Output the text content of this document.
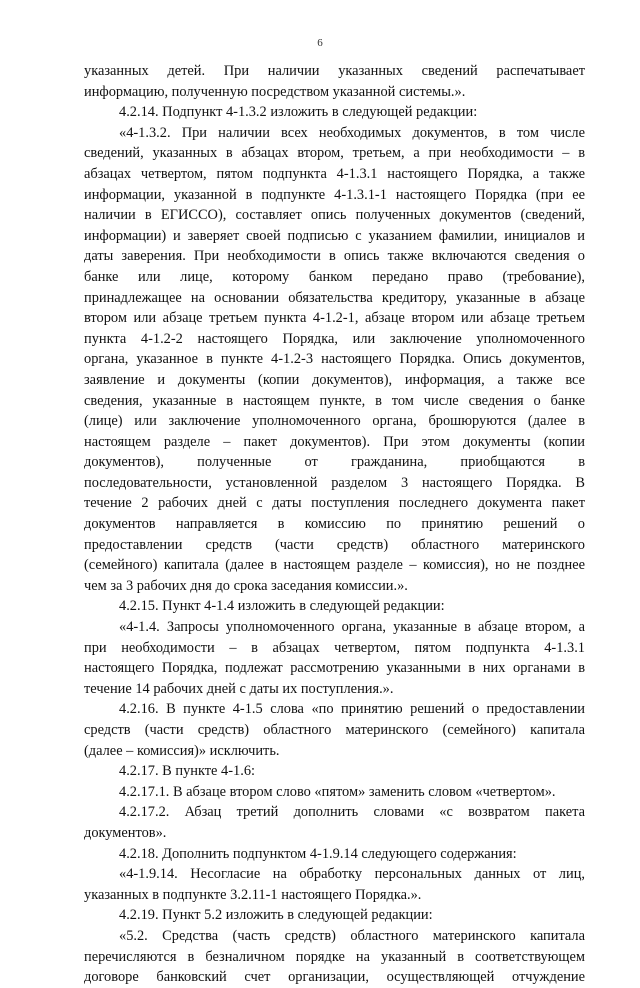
6
указанных детей. При наличии указанных сведений распечатывает
информацию, полученную посредством указанной системы.».
4.2.14. Подпункт 4-1.3.2 изложить в следующей редакции:
«4-1.3.2. При наличии всех необходимых документов, в том числе
сведений, указанных в абзацах втором, третьем, а при необходимости – в
абзацах четвертом, пятом подпункта 4-1.3.1 настоящего Порядка, а также
информации, указанной в подпункте 4-1.3.1-1 настоящего Порядка (при ее
наличии в ЕГИССО), составляет опись полученных документов (сведений,
информации) и заверяет своей подписью с указанием фамилии, инициалов и
даты заверения. При необходимости в опись также включаются сведения о
банке или лице, которому банком передано право (требование),
принадлежащее на основании обязательства кредитору, указанные в абзаце
втором или абзаце третьем пункта 4-1.2-1, абзаце втором или абзаце третьем
пункта 4-1.2-2 настоящего Порядка, или заключение уполномоченного
органа, указанное в пункте 4-1.2-3 настоящего Порядка. Опись документов,
заявление и документы (копии документов), информация, а также все
сведения, указанные в настоящем пункте, в том числе сведения о банке
(лице) или заключение уполномоченного органа, брошюруются (далее в
настоящем разделе – пакет документов). При этом документы (копии
документов), полученные от гражданина, приобщаются в
последовательности, установленной разделом 3 настоящего Порядка. В
течение 2 рабочих дней с даты поступления последнего документа пакет
документов направляется в комиссию по принятию решений о
предоставлении средств (части средств) областного материнского
(семейного) капитала (далее в настоящем разделе – комиссия), но не позднее
чем за 3 рабочих дня до срока заседания комиссии.».
4.2.15. Пункт 4-1.4 изложить в следующей редакции:
«4-1.4. Запросы уполномоченного органа, указанные в абзаце втором, а
при необходимости – в абзацах четвертом, пятом подпункта 4-1.3.1
настоящего Порядка, подлежат рассмотрению указанными в них органами в
течение 14 рабочих дней с даты их поступления.».
4.2.16. В пункте 4-1.5 слова «по принятию решений о предоставлении
средств (части средств) областного материнского (семейного) капитала
(далее – комиссия)» исключить.
4.2.17. В пункте 4-1.6:
4.2.17.1. В абзаце втором слово «пятом» заменить словом «четвертом».
4.2.17.2. Абзац третий дополнить словами «с возвратом пакета
документов».
4.2.18. Дополнить подпунктом 4-1.9.14 следующего содержания:
«4-1.9.14. Несогласие на обработку персональных данных от лиц,
указанных в подпункте 3.2.11-1 настоящего Порядка.».
4.2.19. Пункт 5.2 изложить в следующей редакции:
«5.2. Средства (часть средств) областного материнского капитала
перечисляются в безналичном порядке на указанный в соответствующем
договоре банковский счет организации, осуществляющей отчуждение
